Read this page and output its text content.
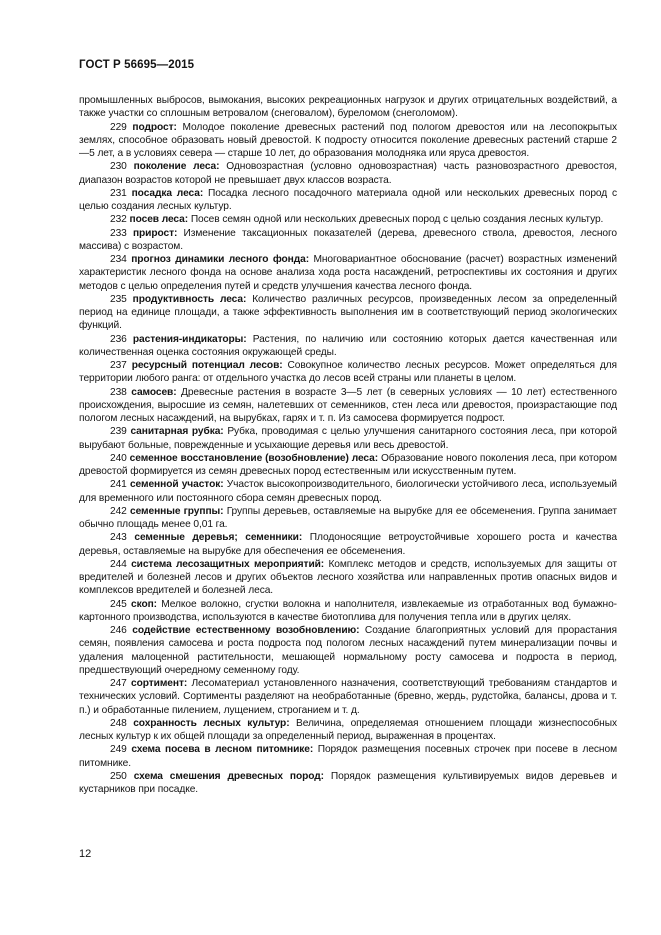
ГОСТ Р 56695—2015

промышленных выбросов, вымокания, высоких рекреационных нагрузок и других отрицательных воздействий, а также участки со сплошным ветровалом (снеговалом), буреломом (снеголомом).

229 подрост: Молодое поколение древесных растений под пологом древостоя или на лесопокрытых землях, способное образовать новый древостой. К подросту относится поколение древесных растений старше 2—5 лет, а в условиях севера — старше 10 лет, до образования молодняка или яруса древостоя.

230 поколение леса: Одновозрастная (условно одновозрастная) часть разновозрастного древостоя, диапазон возрастов которой не превышает двух классов возраста.

231 посадка леса: Посадка лесного посадочного материала одной или нескольких древесных пород с целью создания лесных культур.

232 посев леса: Посев семян одной или нескольких древесных пород с целью создания лесных культур.

233 прирост: Изменение таксационных показателей (дерева, древесного ствола, древостоя, лесного массива) с возрастом.

234 прогноз динамики лесного фонда: Многовариантное обоснование (расчет) возрастных изменений характеристик лесного фонда на основе анализа хода роста насаждений, ретроспективы их состояния и других методов с целью определения путей и средств улучшения качества лесного фонда.

235 продуктивность леса: Количество различных ресурсов, произведенных лесом за определенный период на единице площади, а также эффективность выполнения им в соответствующий период экологических функций.

236 растения-индикаторы: Растения, по наличию или состоянию которых дается качественная или количественная оценка состояния окружающей среды.

237 ресурсный потенциал лесов: Совокупное количество лесных ресурсов. Может определяться для территории любого ранга: от отдельного участка до лесов всей страны или планеты в целом.

238 самосев: Древесные растения в возрасте 3—5 лет (в северных условиях — 10 лет) естественного происхождения, выросшие из семян, налетевших от семенников, стен леса или древостоя, произрастающие под пологом лесных насаждений, на вырубках, гарях и т. п. Из самосева формируется подрост.

239 санитарная рубка: Рубка, проводимая с целью улучшения санитарного состояния леса, при которой вырубают больные, поврежденные и усыхающие деревья или весь древостой.

240 семенное восстановление (возобновление) леса: Образование нового поколения леса, при котором древостой формируется из семян древесных пород естественным или искусственным путем.

241 семенной участок: Участок высокопроизводительного, биологически устойчивого леса, используемый для временного или постоянного сбора семян древесных пород.

242 семенные группы: Группы деревьев, оставляемые на вырубке для ее обсеменения. Группа занимает обычно площадь менее 0,01 га.

243 семенные деревья; семенники: Плодоносящие ветроустойчивые хорошего роста и качества деревья, оставляемые на вырубке для обеспечения ее обсеменения.

244 система лесозащитных мероприятий: Комплекс методов и средств, используемых для защиты от вредителей и болезней лесов и других объектов лесного хозяйства или направленных против опасных видов и комплексов вредителей и болезней леса.

245 скоп: Мелкое волокно, сгустки волокна и наполнителя, извлекаемые из отработанных вод бумажно-картонного производства, используются в качестве биотоплива для получения тепла или в других целях.

246 содействие естественному возобновлению: Создание благоприятных условий для прорастания семян, появления самосева и роста подроста под пологом лесных насаждений путем минерализации почвы и удаления малоценной растительности, мешающей нормальному росту самосева и подроста в период, предшествующий очередному семенному году.

247 сортимент: Лесоматериал установленного назначения, соответствующий требованиям стандартов и технических условий. Сортименты разделяют на необработанные (бревно, жердь, рудстойка, балансы, дрова и т. п.) и обработанные пилением, лущением, строганием и т. д.

248 сохранность лесных культур: Величина, определяемая отношением площади жизнеспособных лесных культур к их общей площади за определенный период, выраженная в процентах.

249 схема посева в лесном питомнике: Порядок размещения посевных строчек при посеве в лесном питомнике.

250 схема смешения древесных пород: Порядок размещения культивируемых видов деревьев и кустарников при посадке.

12
